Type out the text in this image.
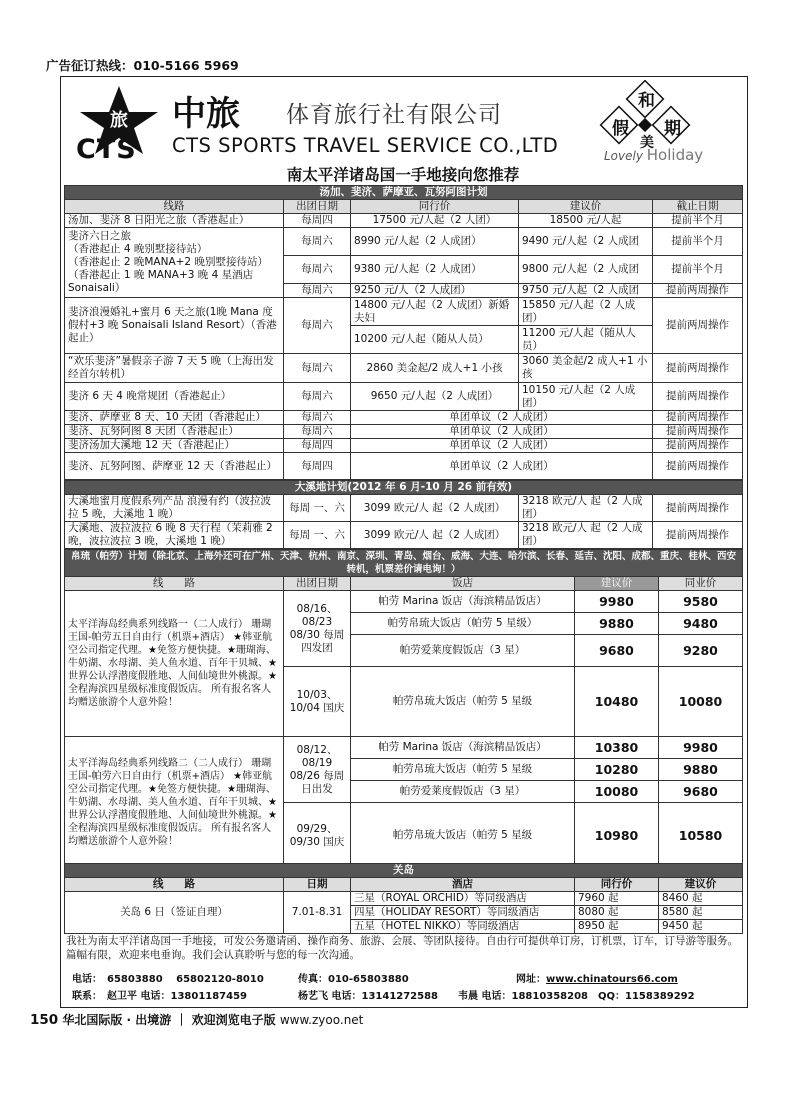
广告征订热线：010-5166 5969
旅
CTS
中旅 体育旅行社有限公司
CTS SPORTS TRAVEL SERVICE CO.,LTD
和
假 期
美
Lovely Holiday
南太平洋诸岛国一手地接向您推荐
汤加、斐济、萨摩亚、瓦努阿图计划				
线路	出团日期	同行价	建议价	截止日期
汤加、斐济 8 日阳光之旅（香港起止）	每周四	17500 元/人起（2 人团）	18500 元/人起	提前半个月

斐济六日之旅
（香港起止 4 晚别墅接待站）
（香港起止 2 晚MANA+2 晚别墅接待站）
（香港起止 1 晚 MANA+3 晚 4 星酒店 Sonaisali）	每周六	8990 元/人起（2 人成团）	9490 元/人起（2 人成团	提前半个月
	每周六	9380 元/人起（2 人成团）	9800 元/人起（2 人成团	提前半个月
	每周六	9250 元/人（2 人成团）	9750 元/人起（2 人成团	提前两周操作
斐济浪漫婚礼+蜜月 6 天之旅(1晚 Mana 度假村+3 晚 Sonaisali Island Resort）（香港起止）	每周六	14800 元/人起（2 人成团）新婚夫妇	15850 元/人起（2 人成团）	提前两周操作
		10200 元/人起（随从人员）	11200 元/人起（随从人员）	
“欢乐斐济”暑假亲子游 7 天 5 晚（上海出发经首尔转机）	每周六	2860 美金起/2 成人+1 小孩	3060 美金起/2 成人+1 小孩	提前两周操作
斐济 6 天 4 晚常规团（香港起止）	每周六	9650 元/人起（2 人成团）	10150 元/人起（2 人成团）	提前两周操作
斐济、萨摩亚 8 天、10 天团（香港起止）	每周六	单团单议（2 人成团）		提前两周操作
斐济、瓦努阿图 8 天团（香港起止）	每周六	单团单议（2 人成团）		提前两周操作
斐济汤加大溪地 12 天（香港起止）	每周四	单团单议（2 人成团）		提前两周操作
斐济、瓦努阿图、萨摩亚 12 天（香港起止）	每周四	单团单议（2 人成团）		提前两周操作
大溪地计划(2012 年 6 月-10 月 26 前有效)				
大溪地蜜月度假系列产品 浪漫有约（波拉波拉 5 晚，大溪地 1 晚）	每周 一、六	3099 欧元/人 起（2 人成团）	3218 欧元/人 起（2 人成团）	提前两周操作
大溪地、波拉波拉 6 晚 8 天行程（茉莉雅 2 晚，波拉波拉 3 晚，大溪地 1 晚）	每周 一、六	3099 欧元/人 起（2 人成团）	3218 欧元/人 起（2 人成团）	提前两周操作
帛琉（帕劳）计划（除北京、上海外还可在广州、天津、杭州、南京、深圳、青岛、烟台、威海、大连、哈尔滨、长春、延吉、沈阳、成都、重庆、桂林、西安转机，机票差价请电询！）				
线　　路	出团日期	饭店	建议价	同业价
太平洋海岛经典系列线路一（二人成行） 珊瑚王国-帕劳五日自由行（机票+酒店） ★韩亚航空公司指定代理。★免签方便快捷。★珊瑚海、牛奶湖、水母湖、美人鱼水道、百年干贝城、★世界公认浮潜度假胜地、人间仙境世外桃源。★全程海滨四星级标准度假饭店。 所有报名客人均赠送旅游个人意外险！	08/16、08/23 08/30 每周四发团	帕劳 Marina 饭店（海滨精品饭店）	9980	9580
		帕劳帛琉大饭店（帕劳 5 星级）	9880	9480
		帕劳爱莱度假饭店（3 星）	9680	9280
	10/03、10/04 国庆	帕劳帛琉大饭店（帕劳 5 星级	10480	10080
太平洋海岛经典系列线路二（二人成行） 珊瑚王国-帕劳六日自由行（机票+酒店） ★韩亚航空公司指定代理。★免签方便快捷。★珊瑚海、牛奶湖、水母湖、美人鱼水道、百年干贝城、★世界公认浮潜度假胜地、人间仙境世外桃源。★全程海滨四星级标准度假饭店。 所有报名客人均赠送旅游个人意外险！	08/12、08/19 08/26 每周日出发	帕劳 Marina 饭店（海滨精品饭店）	10380	9980
		帕劳帛琉大饭店（帕劳 5 星级	10280	9880
		帕劳爱莱度假饭店（3 星）	10080	9680
	09/29、09/30 国庆	帕劳帛琉大饭店（帕劳 5 星级	10980	10580
关岛				
线　　路	日期	酒店	同行价	建议价
关岛 6 日（签证自理）	7.01-8.31	三星（ROYAL ORCHID）等同级酒店	7960 起	8460 起
		四星（HOLIDAY RESORT）等同级酒店	8080 起	8580 起
		五星（HOTEL NIKKO）等同级酒店	8950 起	9450 起
我社为南太平洋诸岛国一手地接，可发公务邀请函、操作商务、旅游、会展、等团队接待。自由行可提供单订房，订机票，订车，订导游等服务。篇幅有限，欢迎来电垂询。我们会认真聆听与您的每一次沟通。
电话：　65803880　 65802120-8010	传真：010-65803880	网址：www.chinatours66.com
联系：　赵卫平 电话：13801187459	杨艺飞 电话：13141272588 韦晨 电话：18810358208　QQ：1158389292
150 华北国际版 · 出境游 ｜ 欢迎浏览电子版 www.zyoo.net
